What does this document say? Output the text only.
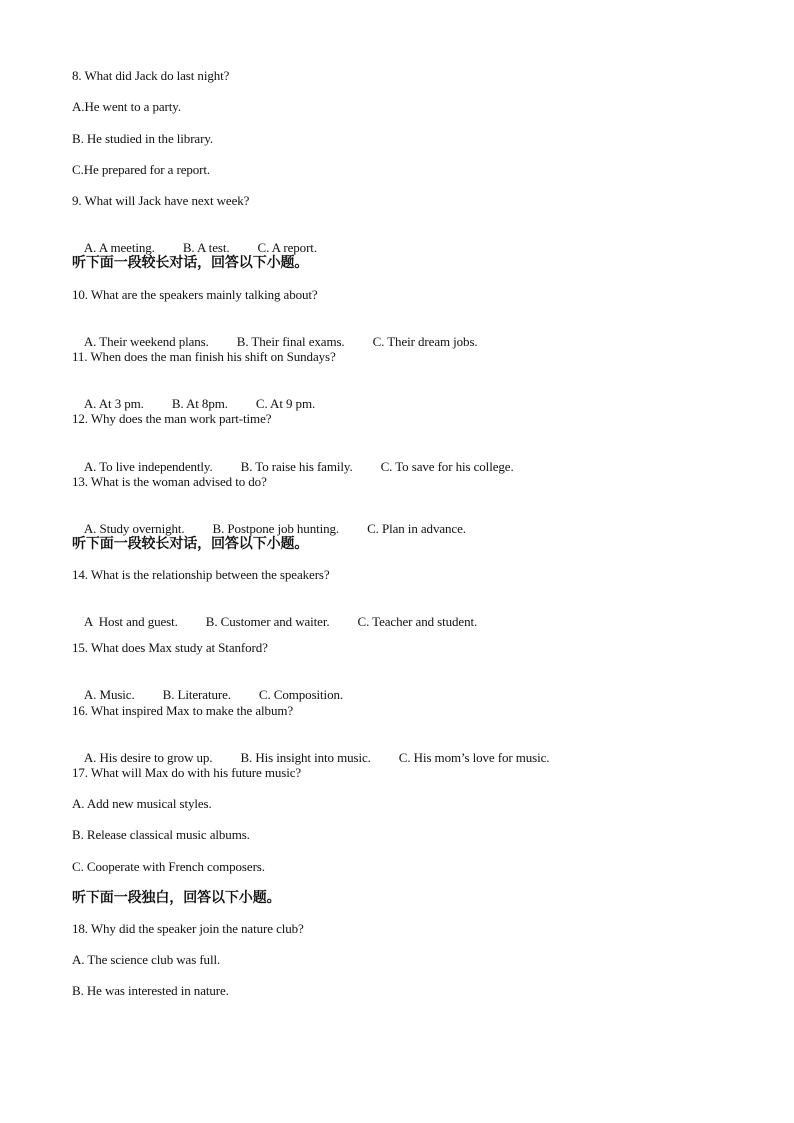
8. What did Jack do last night?
A.He went to a party.
B. He studied in the library.
C.He prepared for a report.
9. What will Jack have next week?

A. A meeting. B. A test. C. A report.

听下面一段较长对话，回答以下小题。
10. What are the speakers mainly talking about?

A. Their weekend plans. B. Their final exams. C. Their dream jobs.

11. When does the man finish his shift on Sundays?

A. At 3 pm. B. At 8pm. C. At 9 pm.

12. Why does the man work part-time?

A. To live independently. B. To raise his family. C. To save for his college.

13. What is the woman advised to do?

A. Study overnight. B. Postpone job hunting. C. Plan in advance.

听下面一段较长对话，回答以下小题。
14. What is the relationship between the speakers?

A  Host and guest. B. Customer and waiter. C. Teacher and student.

·
15. What does Max study at Stanford?

A. Music. B. Literature. C. Composition.

16. What inspired Max to make the album?

A. His desire to grow up. B. His insight into music. C. His mom’s love for music.

17. What will Max do with his future music?
A. Add new musical styles.
B. Release classical music albums.
C. Cooperate with French composers.
听下面一段独白，回答以下小题。
18. Why did the speaker join the nature club?
A. The science club was full.
B. He was interested in nature.
